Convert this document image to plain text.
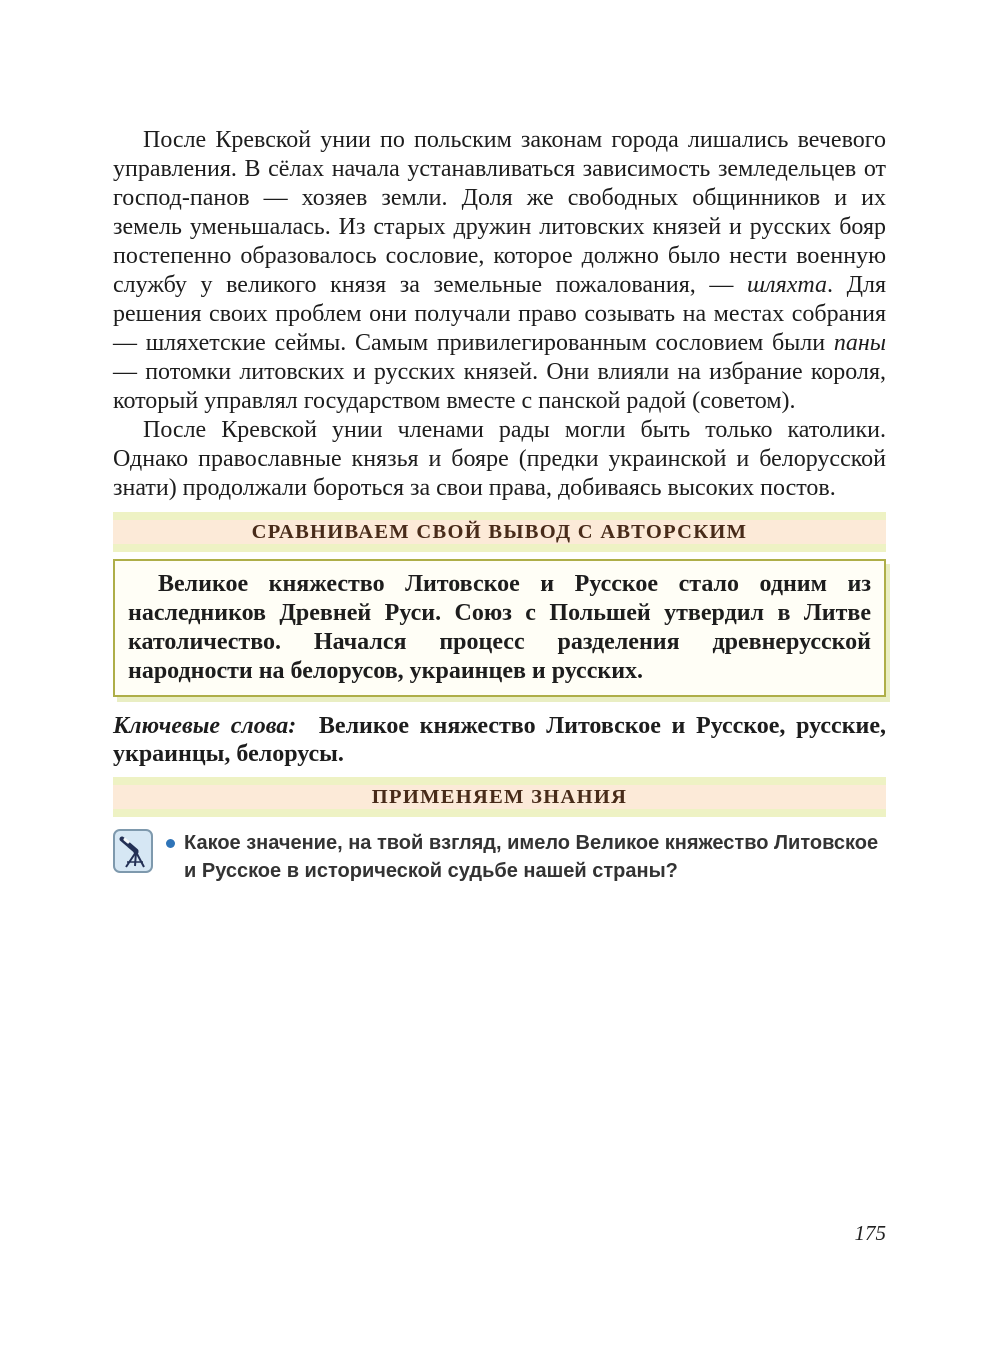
После Кревской унии по польским законам города лишались вечевого управления. В сёлах начала устанавливаться зависимость земледельцев от господ-панов — хозяев земли. Доля же свободных общинников и их земель уменьшалась. Из старых дружин литовских князей и русских бояр постепенно образовалось сословие, которое должно было нести военную службу у великого князя за земельные пожалования, — шляхта. Для решения своих проблем они получали право созывать на местах собрания — шляхетские сеймы. Самым привилегированным сословием были паны — потомки литовских и русских князей. Они влияли на избрание короля, который управлял государством вместе с панской радой (советом).

После Кревской унии членами рады могли быть только католики. Однако православные князья и бояре (предки украинской и белорусской знати) продолжали бороться за свои права, добиваясь высоких постов.

СРАВНИВАЕМ СВОЙ ВЫВОД С АВТОРСКИМ

Великое княжество Литовское и Русское стало одним из наследников Древней Руси. Союз с Польшей утвердил в Литве католичество. Начался процесс разделения древнерусской народности на белорусов, украинцев и русских.

Ключевые слова: Великое княжество Литовское и Русское, русские, украинцы, белорусы.

ПРИМЕНЯЕМ ЗНАНИЯ

Какое значение, на твой взгляд, имело Великое княжество Литовское и Русское в исторической судьбе нашей страны?

175
